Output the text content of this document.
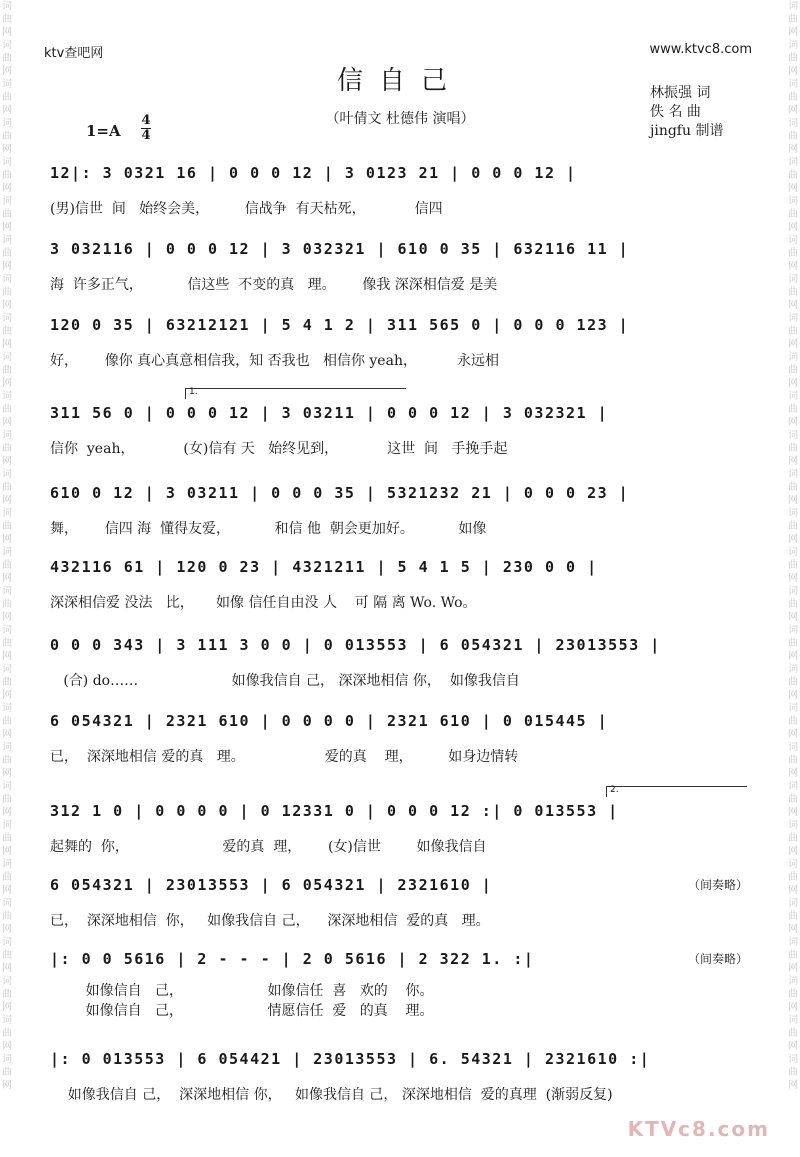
词曲网词曲网词曲网词曲网词曲网词曲网词曲网词曲网词曲网词曲网词曲网词曲网词曲网词曲网词曲网词曲网词曲网词曲网词曲网词曲网词曲网词曲网词曲网词曲网词曲网词曲网词曲网词曲网
词曲网词曲网词曲网词曲网词曲网词曲网词曲网词曲网词曲网词曲网词曲网词曲网词曲网词曲网词曲网词曲网词曲网词曲网词曲网词曲网词曲网词曲网词曲网词曲网词曲网词曲网词曲网词曲网
ktv查吧网	www.ktvc8.com
信自己	林振强 词
佚 名 曲
jingfu 制谱
（叶倩文 杜德伟 演唱）
1=A
4
4
12|: 3 0321 16 | 0 0 0 12 | 3 0123 21 | 0 0 0 12 |
(男)信世  间   始终会美，        信战争  有天枯死，           信四
3 032116 | 0 0 0 12 | 3 032321 | 610 0 35 | 632116 11 |
海  许多正气，          信这些  不变的真   理。      像我 深深相信爱 是美
120 0 35 | 63212121 | 5 4 1 2 | 311 565 0 | 0 0 0 123 |
好，      像你 真心真意相信我，知 否我也   相信你 yeah，         永远相
1.
311 56 0 | 0 0 0 12 | 3 03211 | 0 0 0 12 | 3 032321 |
信你  yeah，           (女)信有 天   始终见到，           这世  间   手挽手起
610 0 12 | 3 03211 | 0 0 0 35 | 5321232 21 | 0 0 0 23 |
舞，      信四 海  懂得友爱，          和信 他  朝会更加好。          如像
432116 61 | 120 0 23 | 4321211 | 5 4 1 5 | 230 0 0 |
深深相信爱 没法   比，     如像 信任自由没 人    可 隔 离 Wo. Wo。
0 0 0 343 | 3 111 3 0 0 | 0 013553 | 6 054321 | 23013553 |
(合) do……                     如像我信自 己， 深深地相信 你，  如像我信自
6 054321 | 2321 610 | 0 0 0 0 | 2321 610 | 0 015445 |
已，  深深地相信 爱的真   理。                  爱的真    理，        如身边情转
2.
312 1 0 | 0 0 0 0 | 0 12331 0 | 0 0 0 12 :| 0 013553 |
起舞的  你，                     爱的真  理，      (女)信世        如像我信自
6 054321 | 23013553 | 6 054321 | 2321610 |	（间奏略）
已，  深深地相信  你，   如像我信自 己，    深深地相信  爱的真   理。
|: 0 0 5616 | 2 - - - | 2 0 5616 | 2 322 1. :|	（间奏略）
如像信自   己，                   如像信任  喜   欢的    你。
如像信自   己，                   情愿信任  爱   的真    理。
|: 0 013553 | 6 054421 | 23013553 | 6. 54321 | 2321610 :|
如像我信自 己，  深深地相信 你，   如像我信自 己， 深深地相信  爱的真理  (渐弱反复)
KTVc8.com
